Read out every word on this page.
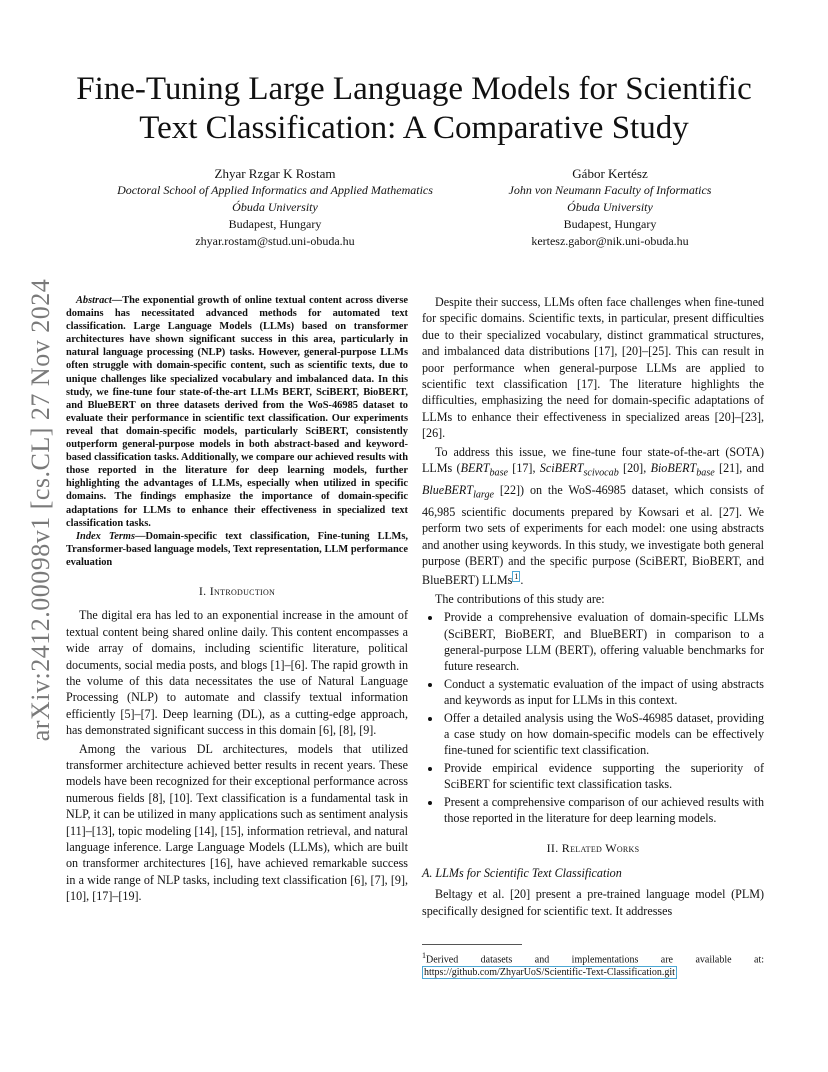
arXiv:2412.00098v1 [cs.CL] 27 Nov 2024
Fine-Tuning Large Language Models for Scientific Text Classification: A Comparative Study
Zhyar Rzgar K Rostam
Doctoral School of Applied Informatics and Applied Mathematics
Óbuda University
Budapest, Hungary
zhyar.rostam@stud.uni-obuda.hu
Gábor Kertész
John von Neumann Faculty of Informatics
Óbuda University
Budapest, Hungary
kertesz.gabor@nik.uni-obuda.hu

Abstract—The exponential growth of online textual content across diverse domains has necessitated advanced methods for automated text classification. Large Language Models (LLMs) based on transformer architectures have shown significant success in this area, particularly in natural language processing (NLP) tasks. However, general-purpose LLMs often struggle with domain-specific content, such as scientific texts, due to unique challenges like specialized vocabulary and imbalanced data. In this study, we fine-tune four state-of-the-art LLMs BERT, SciBERT, BioBERT, and BlueBERT on three datasets derived from the WoS-46985 dataset to evaluate their performance in scientific text classification. Our experiments reveal that domain-specific models, particularly SciBERT, consistently outperform general-purpose models in both abstract-based and keyword-based classification tasks. Additionally, we compare our achieved results with those reported in the literature for deep learning models, further highlighting the advantages of LLMs, especially when utilized in specific domains. The findings emphasize the importance of domain-specific adaptations for LLMs to enhance their effectiveness in specialized text classification tasks.

Index Terms—Domain-specific text classification, Fine-tuning LLMs, Transformer-based language models, Text representation, LLM performance evaluation

I. Introduction

The digital era has led to an exponential increase in the amount of textual content being shared online daily. This content encompasses a wide array of domains, including scientific literature, political documents, social media posts, and blogs [1]–[6]. The rapid growth in the volume of this data necessitates the use of Natural Language Processing (NLP) to automate and classify textual information efficiently [5]–[7]. Deep learning (DL), as a cutting-edge approach, has demonstrated significant success in this domain [6], [8], [9].

Among the various DL architectures, models that utilized transformer architecture achieved better results in recent years. These models have been recognized for their exceptional performance across numerous fields [8], [10]. Text classification is a fundamental task in NLP, it can be utilized in many applications such as sentiment analysis [11]–[13], topic modeling [14], [15], information retrieval, and natural language inference. Large Language Models (LLMs), which are built on transformer architectures [16], have achieved remarkable success in a wide range of NLP tasks, including text classification [6], [7], [9], [10], [17]–[19].

Despite their success, LLMs often face challenges when fine-tuned for specific domains. Scientific texts, in particular, present difficulties due to their specialized vocabulary, distinct grammatical structures, and imbalanced data distributions [17], [20]–[25]. This can result in poor performance when general-purpose LLMs are applied to scientific text classification [17]. The literature highlights the difficulties, emphasizing the need for domain-specific adaptations of LLMs to enhance their effectiveness in specialized areas [20]–[23], [26].

To address this issue, we fine-tune four state-of-the-art (SOTA) LLMs ($BERT_{base}$ [17], SciBERT$_{scivocab}$ [20], BioBERT$_{base}$ [21], and BlueBERT$_{large}$ [22]) on the WoS-46985 dataset, which consists of 46,985 scientific documents prepared by Kowsari et al. [27]. We perform two sets of experiments for each model: one using abstracts and another using keywords. In this study, we investigate both general purpose (BERT) and the specific purpose (SciBERT, BioBERT, and BlueBERT) LLMs $^1$ .

The contributions of this study are:

• Provide a comprehensive evaluation of domain-specific LLMs (SciBERT, BioBERT, and BlueBERT) in comparison to a general-purpose LLM (BERT), offering valuable benchmarks for future research.
• Conduct a systematic evaluation of the impact of using abstracts and keywords as input for LLMs in this context.
• Offer a detailed analysis using the WoS-46985 dataset, providing a case study on how domain-specific models can be effectively fine-tuned for scientific text classification.
• Provide empirical evidence supporting the superiority of SciBERT for scientific text classification tasks.
• Present a comprehensive comparison of our achieved results with those reported in the literature for deep learning models.
II. Related Works
A. LLMs for Scientific Text Classification

Beltagy et al. [20] present a pre-trained language model (PLM) specifically designed for scientific text. It addresses

$^1$Derived datasets and implementations are available at: https://github.com/ZhyarUoS/Scientific-Text-Classification.git
